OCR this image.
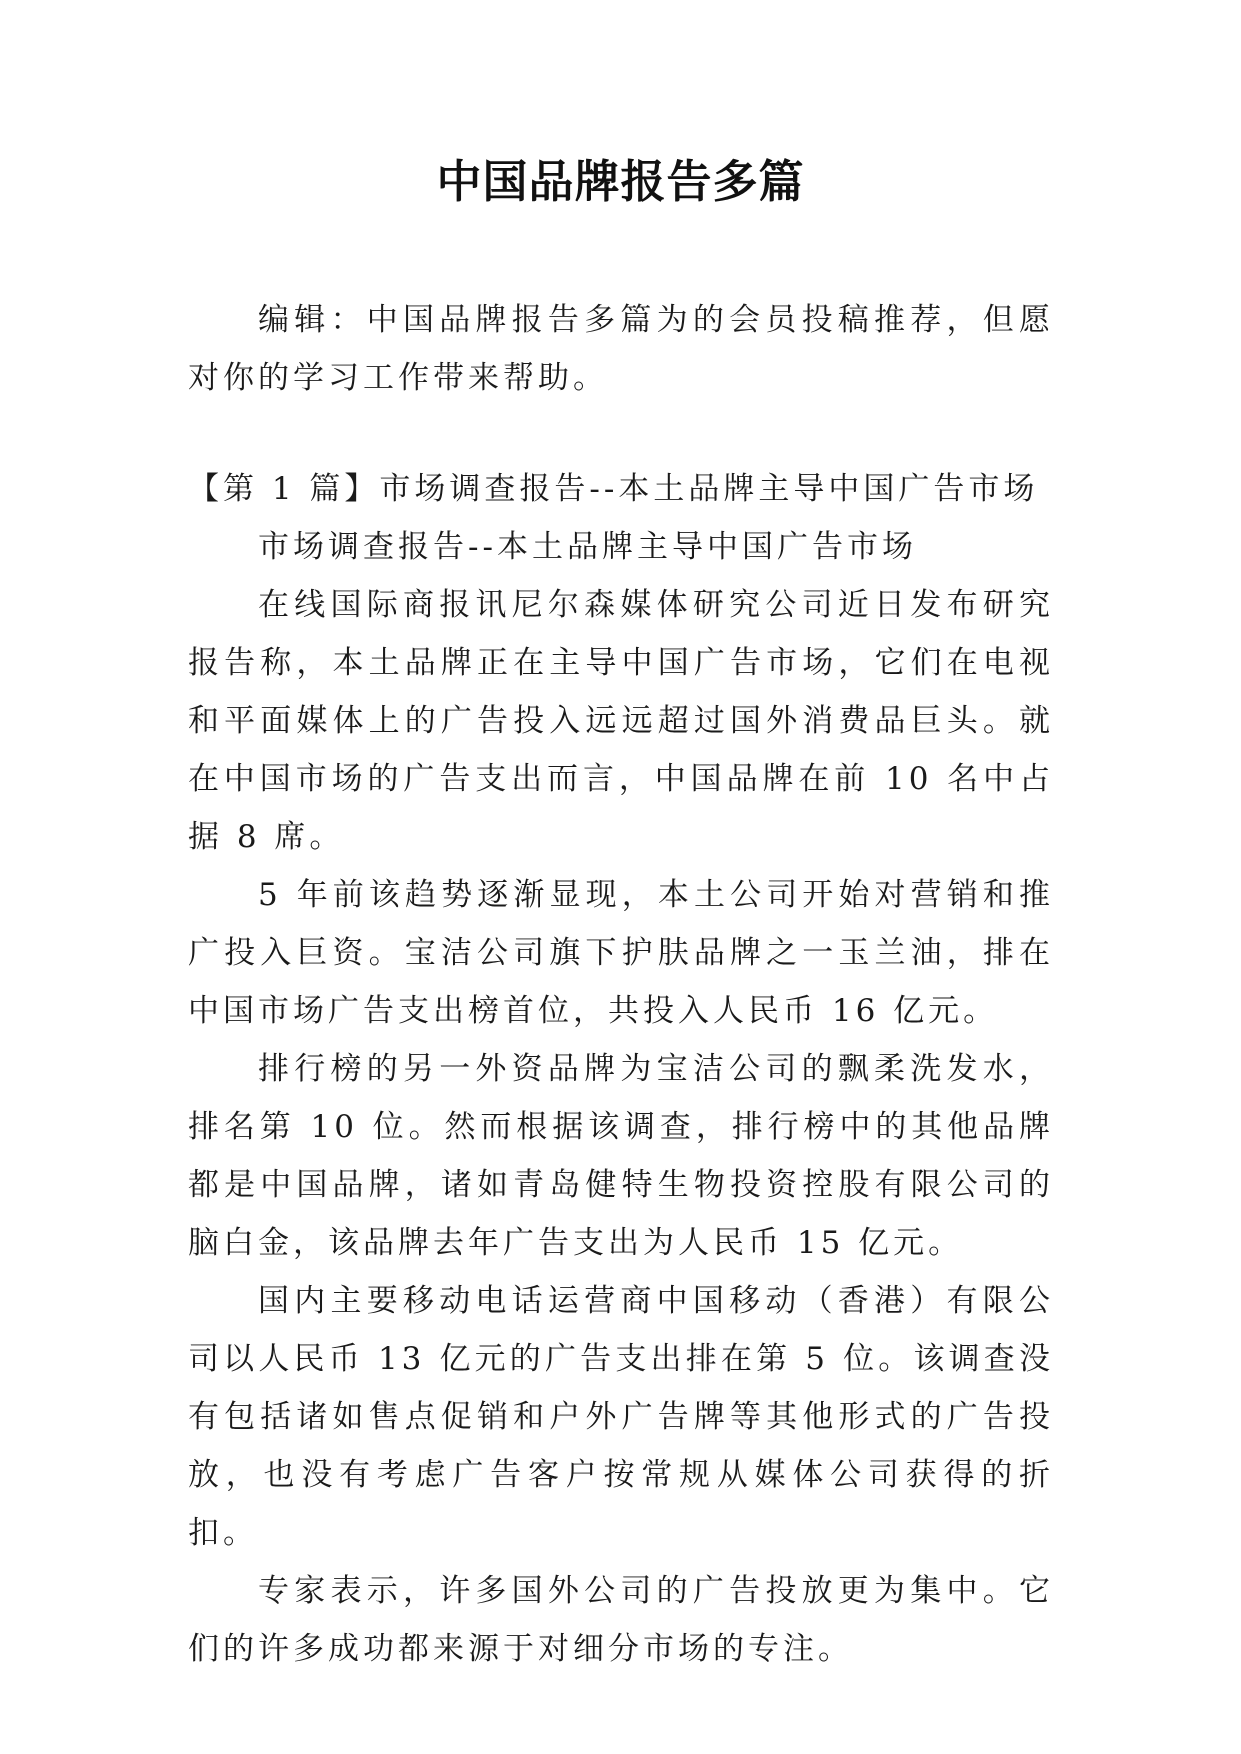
中国品牌报告多篇

编辑：中国品牌报告多篇为的会员投稿推荐，但愿对你的学习工作带来帮助。

【第 1 篇】市场调查报告--本土品牌主导中国广告市场

市场调查报告--本土品牌主导中国广告市场

在线国际商报讯尼尔森媒体研究公司近日发布研究报告称，本土品牌正在主导中国广告市场，它们在电视和平面媒体上的广告投入远远超过国外消费品巨头。就在中国市场的广告支出而言，中国品牌在前 10 名中占据 8 席。

5 年前该趋势逐渐显现，本土公司开始对营销和推广投入巨资。宝洁公司旗下护肤品牌之一玉兰油，排在中国市场广告支出榜首位，共投入人民币 16 亿元。

排行榜的另一外资品牌为宝洁公司的飘柔洗发水，排名第 10 位。然而根据该调查，排行榜中的其他品牌都是中国品牌，诸如青岛健特生物投资控股有限公司的脑白金，该品牌去年广告支出为人民币 15 亿元。

国内主要移动电话运营商中国移动（香港）有限公司以人民币 13 亿元的广告支出排在第 5 位。该调查没有包括诸如售点促销和户外广告牌等其他形式的广告投放，也没有考虑广告客户按常规从媒体公司获得的折扣。

专家表示，许多国外公司的广告投放更为集中。它们的许多成功都来源于对细分市场的专注。
